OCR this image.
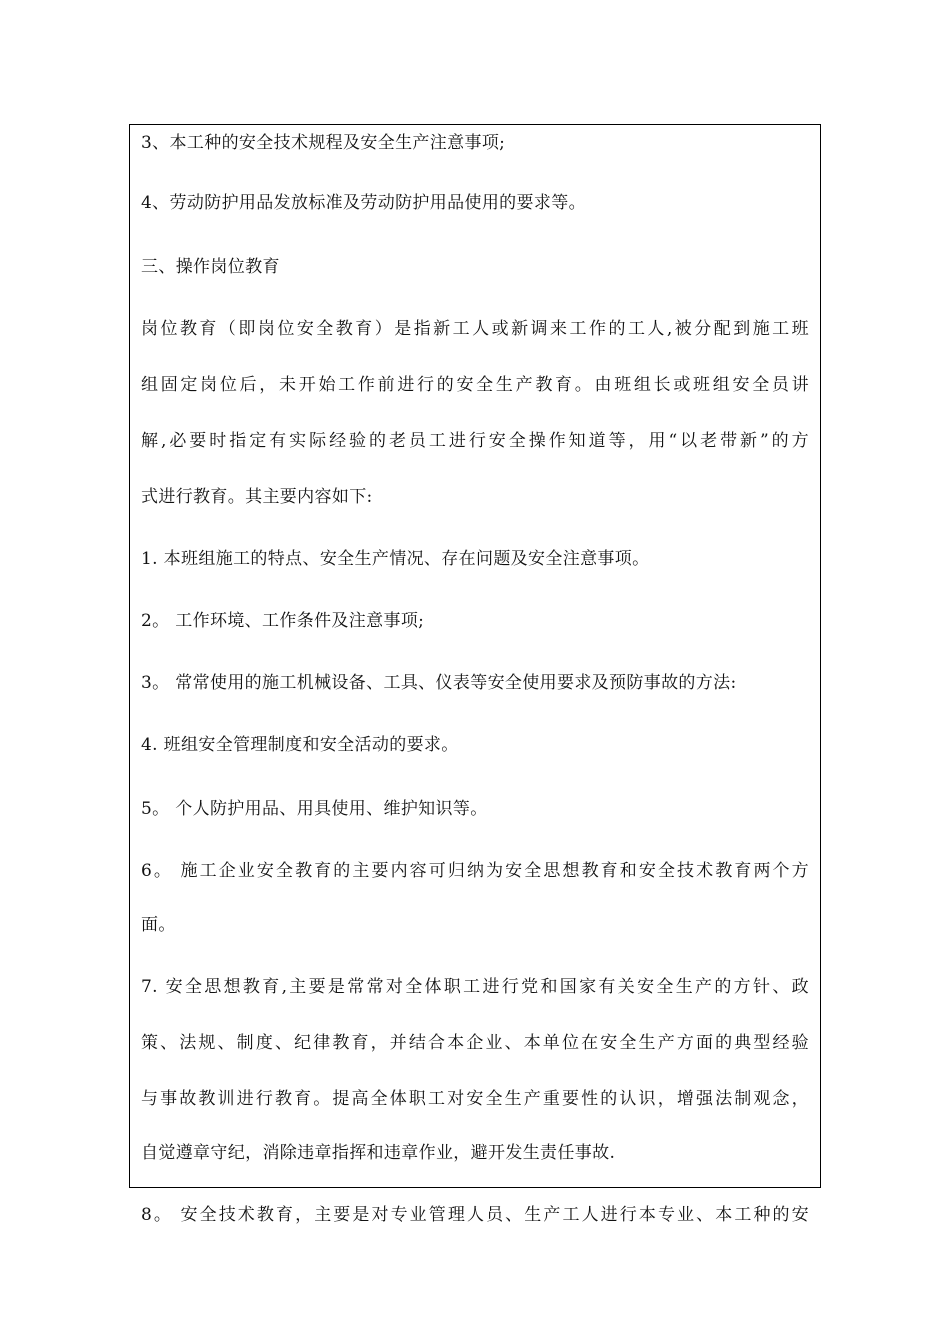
3、本工种的安全技术规程及安全生产注意事项;
4、劳动防护用品发放标准及劳动防护用品使用的要求等。
三、操作岗位教育
岗位教育（即岗位安全教育）是指新工人或新调来工作的工人,被分配到施工班
组固定岗位后，未开始工作前进行的安全生产教育。由班组长或班组安全员讲
解,必要时指定有实际经验的老员工进行安全操作知道等，用“以老带新”的方
式进行教育。其主要内容如下:
1. 本班组施工的特点、安全生产情况、存在问题及安全注意事项。
2。 工作环境、工作条件及注意事项;
3。 常常使用的施工机械设备、工具、仪表等安全使用要求及预防事故的方法:
4. 班组安全管理制度和安全活动的要求。
5。 个人防护用品、用具使用、维护知识等。
6。 施工企业安全教育的主要内容可归纳为安全思想教育和安全技术教育两个方
面。
7. 安全思想教育,主要是常常对全体职工进行党和国家有关安全生产的方针、政
策、法规、制度、纪律教育，并结合本企业、本单位在安全生产方面的典型经验
与事故教训进行教育。提高全体职工对安全生产重要性的认识，增强法制观念，
自觉遵章守纪，消除违章指挥和违章作业，避开发生责任事故.
8。 安全技术教育，主要是对专业管理人员、生产工人进行本专业、本工种的安
